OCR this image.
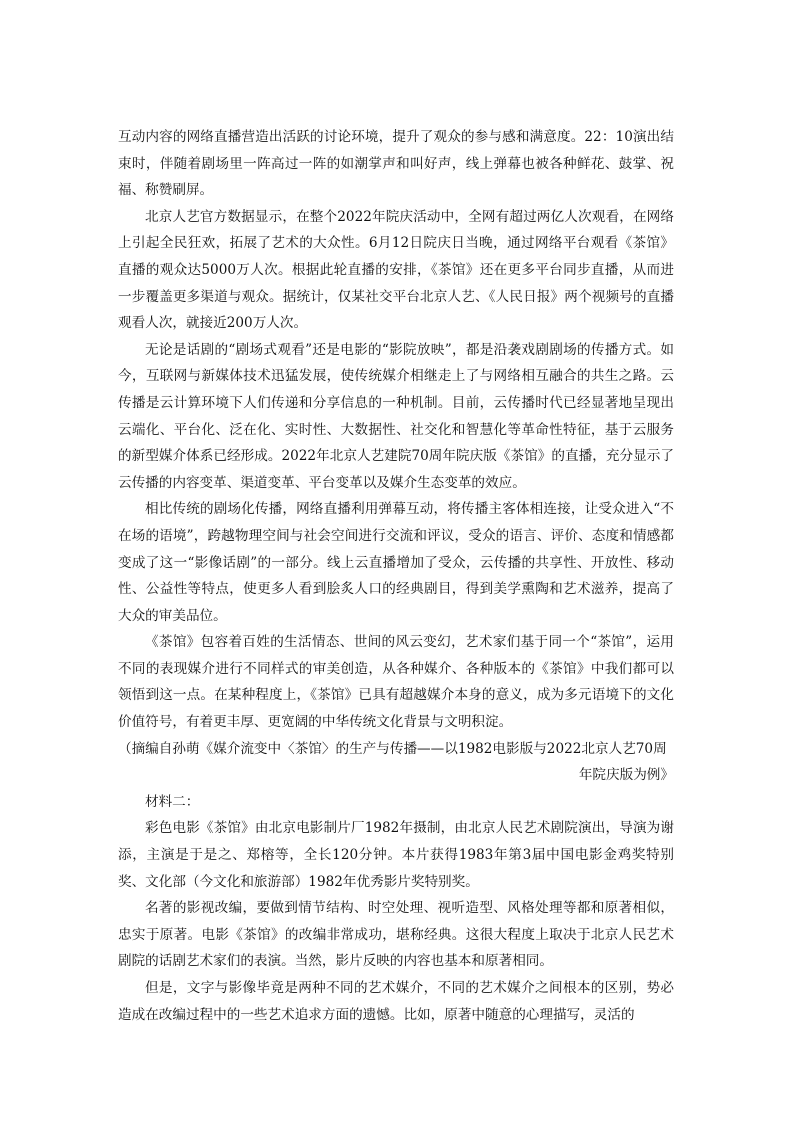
互动内容的网络直播营造出活跃的讨论环境，提升了观众的参与感和满意度。22：10演出结束时，伴随着剧场里一阵高过一阵的如潮掌声和叫好声，线上弹幕也被各种鲜花、鼓掌、祝福、称赞刷屏。

北京人艺官方数据显示，在整个2022年院庆活动中，全网有超过两亿人次观看，在网络上引起全民狂欢，拓展了艺术的大众性。6月12日院庆日当晚，通过网络平台观看《茶馆》直播的观众达5000万人次。根据此轮直播的安排，《茶馆》还在更多平台同步直播，从而进一步覆盖更多渠道与观众。据统计，仅某社交平台北京人艺、《人民日报》两个视频号的直播观看人次，就接近200万人次。

无论是话剧的“剧场式观看”还是电影的“影院放映”，都是沿袭戏剧剧场的传播方式。如今，互联网与新媒体技术迅猛发展，使传统媒介相继走上了与网络相互融合的共生之路。云传播是云计算环境下人们传递和分享信息的一种机制。目前，云传播时代已经显著地呈现出云端化、平台化、泛在化、实时性、大数据性、社交化和智慧化等革命性特征，基于云服务的新型媒介体系已经形成。2022年北京人艺建院70周年院庆版《茶馆》的直播，充分显示了云传播的内容变革、渠道变革、平台变革以及媒介生态变革的效应。

相比传统的剧场化传播，网络直播利用弹幕互动，将传播主客体相连接，让受众进入“不在场的语境”，跨越物理空间与社会空间进行交流和评议，受众的语言、评价、态度和情感都变成了这一“影像话剧”的一部分。线上云直播增加了受众，云传播的共享性、开放性、移动性、公益性等特点，使更多人看到脍炙人口的经典剧目，得到美学熏陶和艺术滋养，提高了大众的审美品位。

《茶馆》包容着百姓的生活情态、世间的风云变幻，艺术家们基于同一个“茶馆”，运用不同的表现媒介进行不同样式的审美创造，从各种媒介、各种版本的《茶馆》中我们都可以领悟到这一点。在某种程度上，《茶馆》已具有超越媒介本身的意义，成为多元语境下的文化价值符号，有着更丰厚、更宽阔的中华传统文化背景与文明积淀。

（摘编自孙萌《媒介流变中〈茶馆〉的生产与传播——以1982电影版与2022北京人艺70周

年院庆版为例》

材料二：

彩色电影《茶馆》由北京电影制片厂1982年摄制，由北京人民艺术剧院演出，导演为谢添，主演是于是之、郑榕等，全长120分钟。本片获得1983年第3届中国电影金鸡奖特别奖、文化部（今文化和旅游部）1982年优秀影片奖特别奖。

名著的影视改编，要做到情节结构、时空处理、视听造型、风格处理等都和原著相似，忠实于原著。电影《茶馆》的改编非常成功，堪称经典。这很大程度上取决于北京人民艺术剧院的话剧艺术家们的表演。当然，影片反映的内容也基本和原著相同。

但是，文字与影像毕竟是两种不同的艺术媒介，不同的艺术媒介之间根本的区别，势必造成在改编过程中的一些艺术追求方面的遗憾。比如，原著中随意的心理描写，灵活的
